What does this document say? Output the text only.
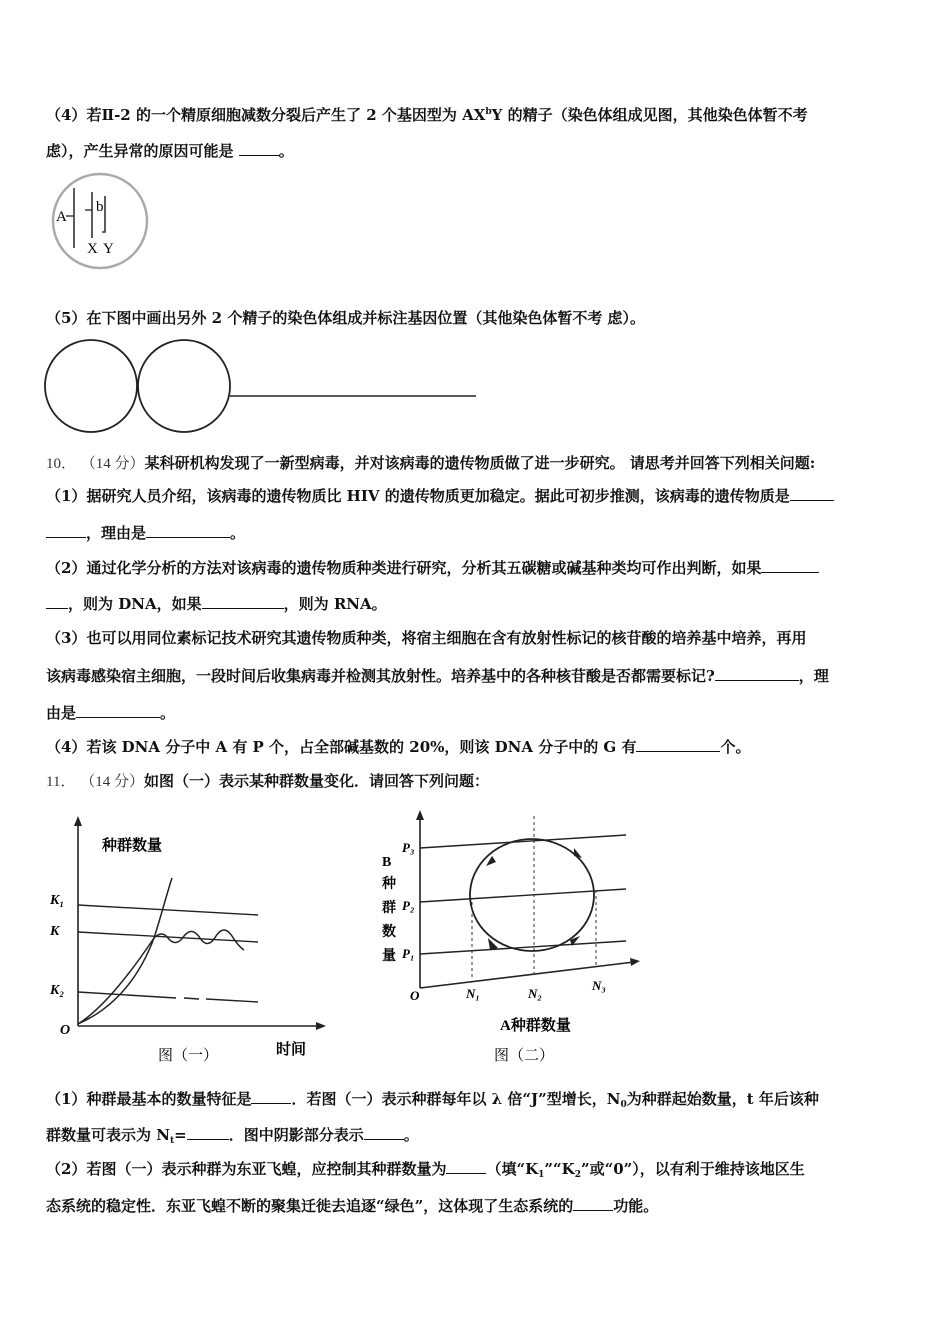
（4）若Ⅱ-2 的一个精原细胞减数分裂后产生了 2 个基因型为 $AX^bY$ 的精子（染色体组成见图，其他染色体暂不考
虑），产生异常的原因可能是	。
A
b
X Y
（5）在下图中画出另外 2 个精子的染色体组成并标注基因位置（其他染色体暂不考 虑）。
10． （14 分）某科研机构发现了一新型病毒，并对该病毒的遗传物质做了进一步研究。 请思考并回答下列相关问题:
（1）据研究人员介绍，该病毒的遗传物质比 HIV 的遗传物质更加稳定。据此可初步推测，该病毒的遗传物质是
，理由是	。
（2）通过化学分析的方法对该病毒的遗传物质种类进行研究，分析其五碳糖或碱基种类均可作出判断，如果
，则为 DNA，如果	，则为 RNA。
（3）也可以用同位素标记技术研究其遗传物质种类，将宿主细胞在含有放射性标记的核苷酸的培养基中培养，再用
该病毒感染宿主细胞，一段时间后收集病毒并检测其放射性。培养基中的各种核苷酸是否都需要标记?	，理
由是	。
（4）若该 DNA 分子中 A 有 P 个，占全部碱基数的 20%，则该 DNA 分子中的 G 有	个。
11． （14 分）如图（一）表示某种群数量变化．请回答下列问题：
种群数量
K₁
K
K₂
O
图（一）	时间
B
种
群
数
量
P₃
P₂
P₁
O	N₁	N₂
N₃
A种群数量
图（二）
（1）种群最基本的数量特征是	．若图（一）表示种群每年以 λ 倍“J”型增长，$N_0$为种群起始数量，t 年后该种
群数量可表示为 $N_t=$	．图中阴影部分表示	。
（2）若图（一）表示种群为东亚飞蝗，应控制其种群数量为	（填“$K_1”“K_2$”或“0”），以有利于维持该地区生
态系统的稳定性．东亚飞蝗不断的聚集迁徙去追逐“绿色”，这体现了生态系统的	功能。
